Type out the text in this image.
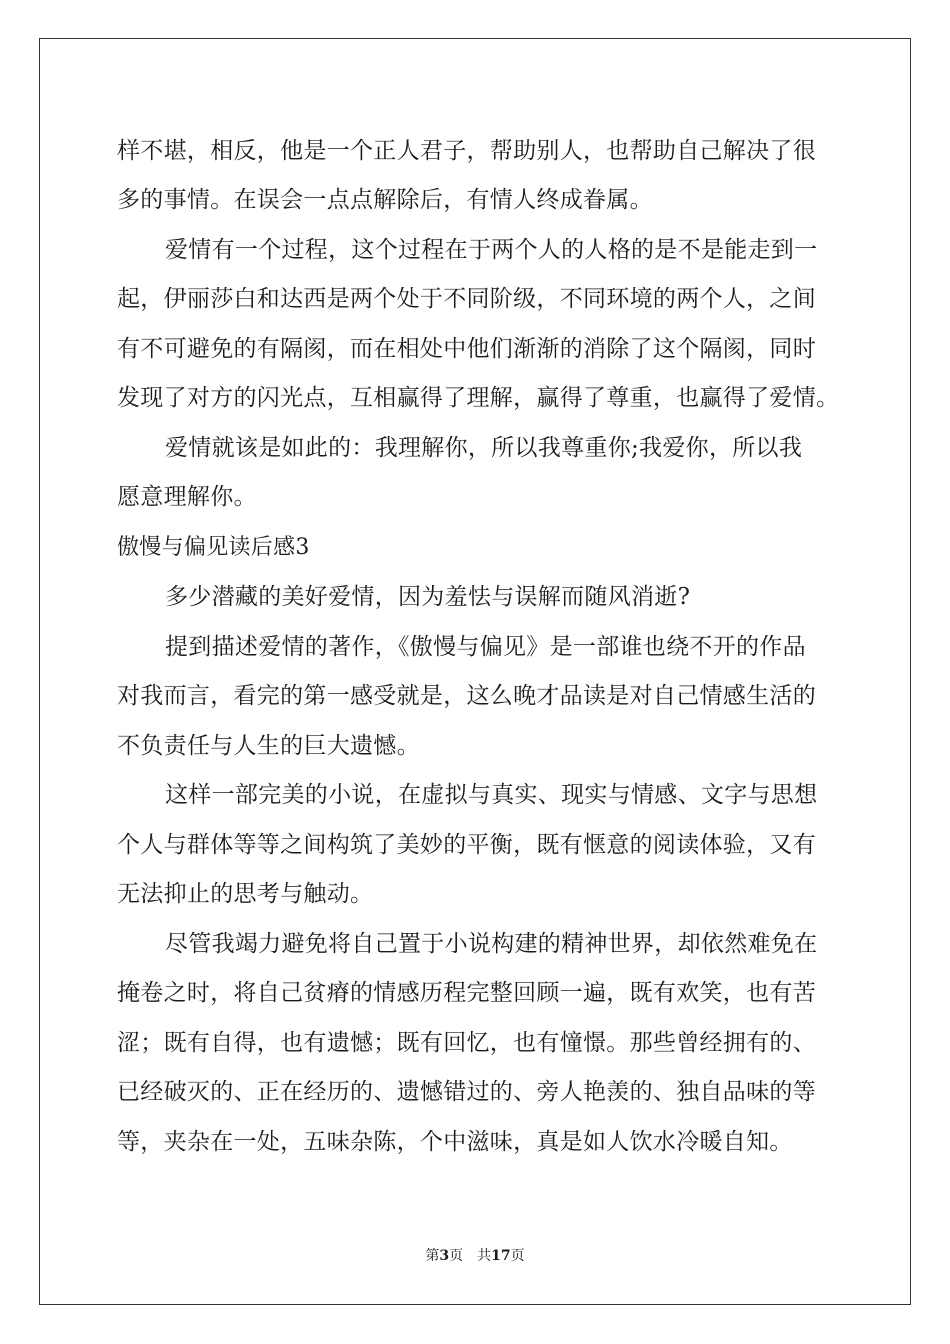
样不堪，相反，他是一个正人君子，帮助别人，也帮助自己解决了很
多的事情。在误会一点点解除后，有情人终成眷属。
爱情有一个过程，这个过程在于两个人的人格的是不是能走到一
起，伊丽莎白和达西是两个处于不同阶级，不同环境的两个人，之间
有不可避免的有隔阂，而在相处中他们渐渐的消除了这个隔阂，同时
发现了对方的闪光点，互相赢得了理解，赢得了尊重，也赢得了爱情。
爱情就该是如此的：我理解你，所以我尊重你;我爱你，所以我
愿意理解你。
傲慢与偏见读后感3
多少潜藏的美好爱情，因为羞怯与误解而随风消逝?
提到描述爱情的著作，《傲慢与偏见》是一部谁也绕不开的作品
对我而言，看完的第一感受就是，这么晚才品读是对自己情感生活的
不负责任与人生的巨大遗憾。
这样一部完美的小说，在虚拟与真实、现实与情感、文字与思想
个人与群体等等之间构筑了美妙的平衡，既有惬意的阅读体验，又有
无法抑止的思考与触动。
尽管我竭力避免将自己置于小说构建的精神世界，却依然难免在
掩卷之时，将自己贫瘠的情感历程完整回顾一遍，既有欢笑，也有苦
涩；既有自得，也有遗憾；既有回忆，也有憧憬。那些曾经拥有的、
已经破灭的、正在经历的、遗憾错过的、旁人艳羡的、独自品味的等
等，夹杂在一处，五味杂陈，个中滋味，真是如人饮水冷暖自知。
第3页 共17页
